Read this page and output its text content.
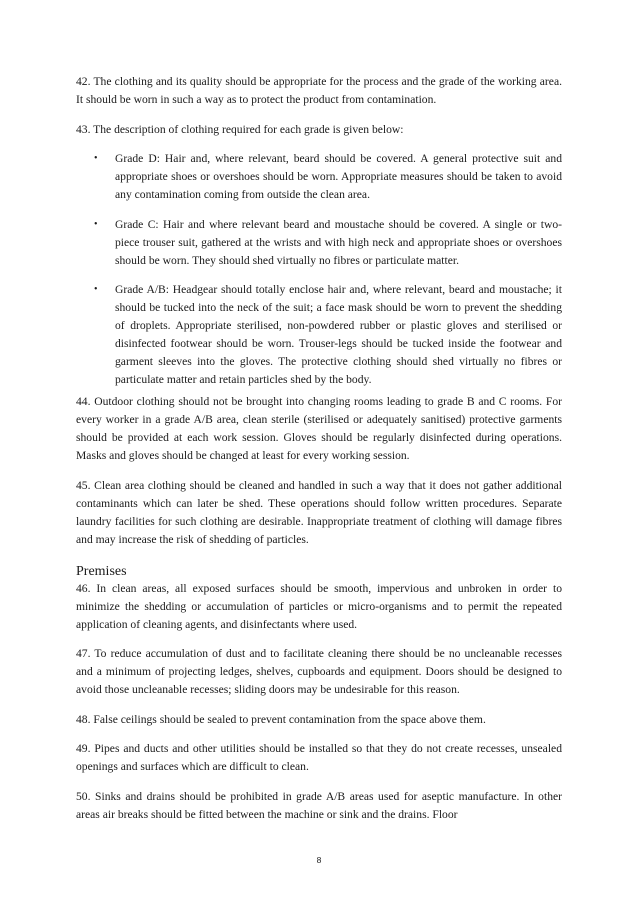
42. The clothing and its quality should be appropriate for the process and the grade of the working area. It should be worn in such a way as to protect the product from contamination.

43. The description of clothing required for each grade is given below:

• Grade D: Hair and, where relevant, beard should be covered. A general protective suit and appropriate shoes or overshoes should be worn. Appropriate measures should be taken to avoid any contamination coming from outside the clean area.
• Grade C: Hair and where relevant beard and moustache should be covered. A single or two-piece trouser suit, gathered at the wrists and with high neck and appropriate shoes or overshoes should be worn. They should shed virtually no fibres or particulate matter.
• Grade A/B: Headgear should totally enclose hair and, where relevant, beard and moustache; it should be tucked into the neck of the suit; a face mask should be worn to prevent the shedding of droplets. Appropriate sterilised, non-powdered rubber or plastic gloves and sterilised or disinfected footwear should be worn. Trouser-legs should be tucked inside the footwear and garment sleeves into the gloves. The protective clothing should shed virtually no fibres or particulate matter and retain particles shed by the body.

44. Outdoor clothing should not be brought into changing rooms leading to grade B and C rooms. For every worker in a grade A/B area, clean sterile (sterilised or adequately sanitised) protective garments should be provided at each work session. Gloves should be regularly disinfected during operations. Masks and gloves should be changed at least for every working session.

45. Clean area clothing should be cleaned and handled in such a way that it does not gather additional contaminants which can later be shed. These operations should follow written procedures. Separate laundry facilities for such clothing are desirable. Inappropriate treatment of clothing will damage fibres and may increase the risk of shedding of particles.

Premises

46. In clean areas, all exposed surfaces should be smooth, impervious and unbroken in order to minimize the shedding or accumulation of particles or micro-organisms and to permit the repeated application of cleaning agents, and disinfectants where used.

47. To reduce accumulation of dust and to facilitate cleaning there should be no uncleanable recesses and a minimum of projecting ledges, shelves, cupboards and equipment. Doors should be designed to avoid those uncleanable recesses; sliding doors may be undesirable for this reason.

48. False ceilings should be sealed to prevent contamination from the space above them.

49. Pipes and ducts and other utilities should be installed so that they do not create recesses, unsealed openings and surfaces which are difficult to clean.

50. Sinks and drains should be prohibited in grade A/B areas used for aseptic manufacture. In other areas air breaks should be fitted between the machine or sink and the drains. Floor

8
